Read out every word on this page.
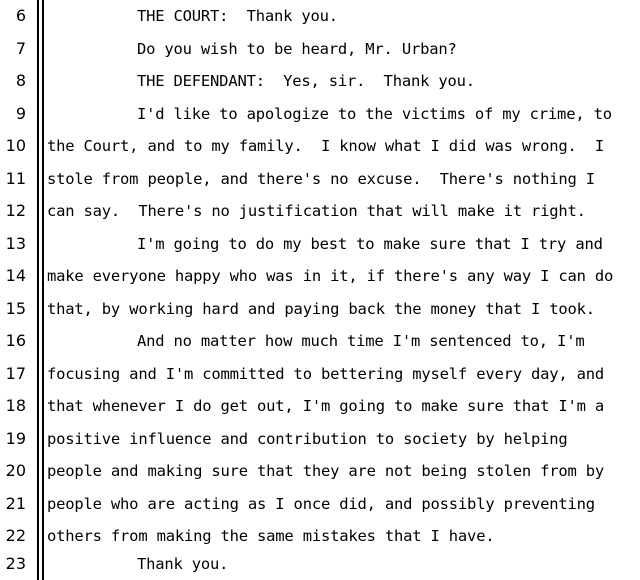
6	THE COURT:  Thank you.
7	Do you wish to be heard, Mr. Urban?
8	THE DEFENDANT:  Yes, sir.  Thank you.
9	I'd like to apologize to the victims of my crime, to
10 the Court, and to my family.  I know what I did was wrong.  I
11 stole from people, and there's no excuse.  There's nothing I
12 can say.  There's no justification that will make it right.
13	I'm going to do my best to make sure that I try and
14 make everyone happy who was in it, if there's any way I can do
15 that, by working hard and paying back the money that I took.
16	And no matter how much time I'm sentenced to, I'm
17 focusing and I'm committed to bettering myself every day, and
18 that whenever I do get out, I'm going to make sure that I'm a
19 positive influence and contribution to society by helping
20 people and making sure that they are not being stolen from by
21 people who are acting as I once did, and possibly preventing
22 others from making the same mistakes that I have.
23	Thank you.
